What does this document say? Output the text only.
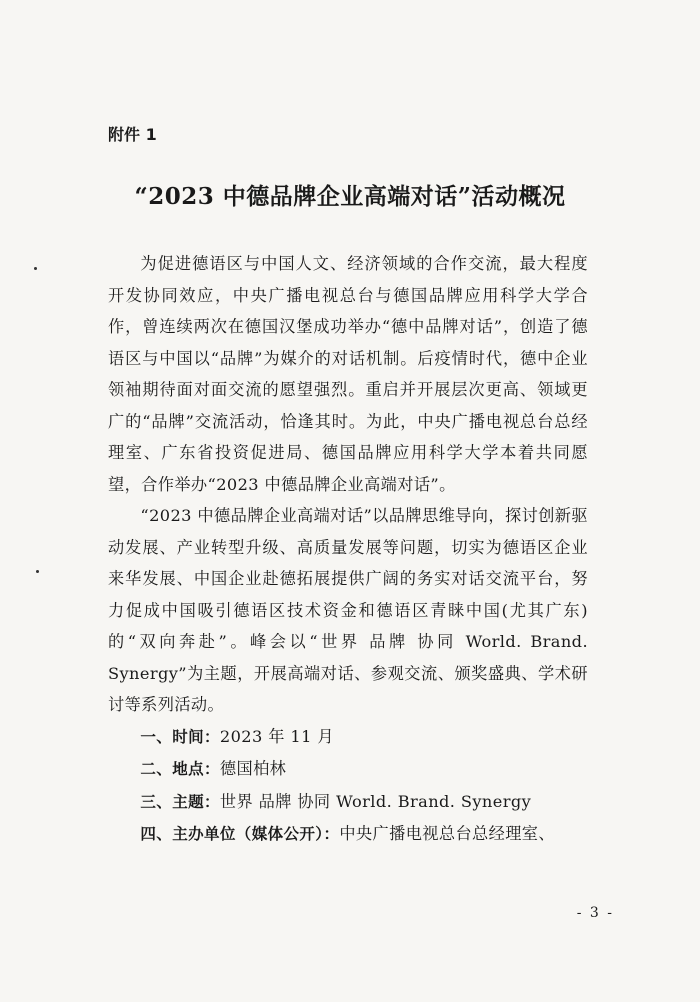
附件 1
“2023 中德品牌企业高端对话”活动概况

为促进德语区与中国人文、经济领域的合作交流，最大程度开发协同效应，中央广播电视总台与德国品牌应用科学大学合作，曾连续两次在德国汉堡成功举办“德中品牌对话”，创造了德语区与中国以“品牌”为媒介的对话机制。后疫情时代，德中企业领袖期待面对面交流的愿望强烈。重启并开展层次更高、领域更广的“品牌”交流活动，恰逢其时。为此，中央广播电视总台总经理室、广东省投资促进局、德国品牌应用科学大学本着共同愿望，合作举办“2023 中德品牌企业高端对话”。

“2023 中德品牌企业高端对话”以品牌思维导向，探讨创新驱动发展、产业转型升级、高质量发展等问题，切实为德语区企业来华发展、中国企业赴德拓展提供广阔的务实对话交流平台，努力促成中国吸引德语区技术资金和德语区青睐中国(尤其广东)的“双向奔赴”。峰会以“世界 品牌 协同 World. Brand. Synergy”为主题，开展高端对话、参观交流、颁奖盛典、学术研讨等系列活动。

一、时间：2023 年 11 月

二、地点：德国柏林

三、主题：世界 品牌 协同 World. Brand. Synergy

四、主办单位（媒体公开）：中央广播电视总台总经理室、

- 3 -
